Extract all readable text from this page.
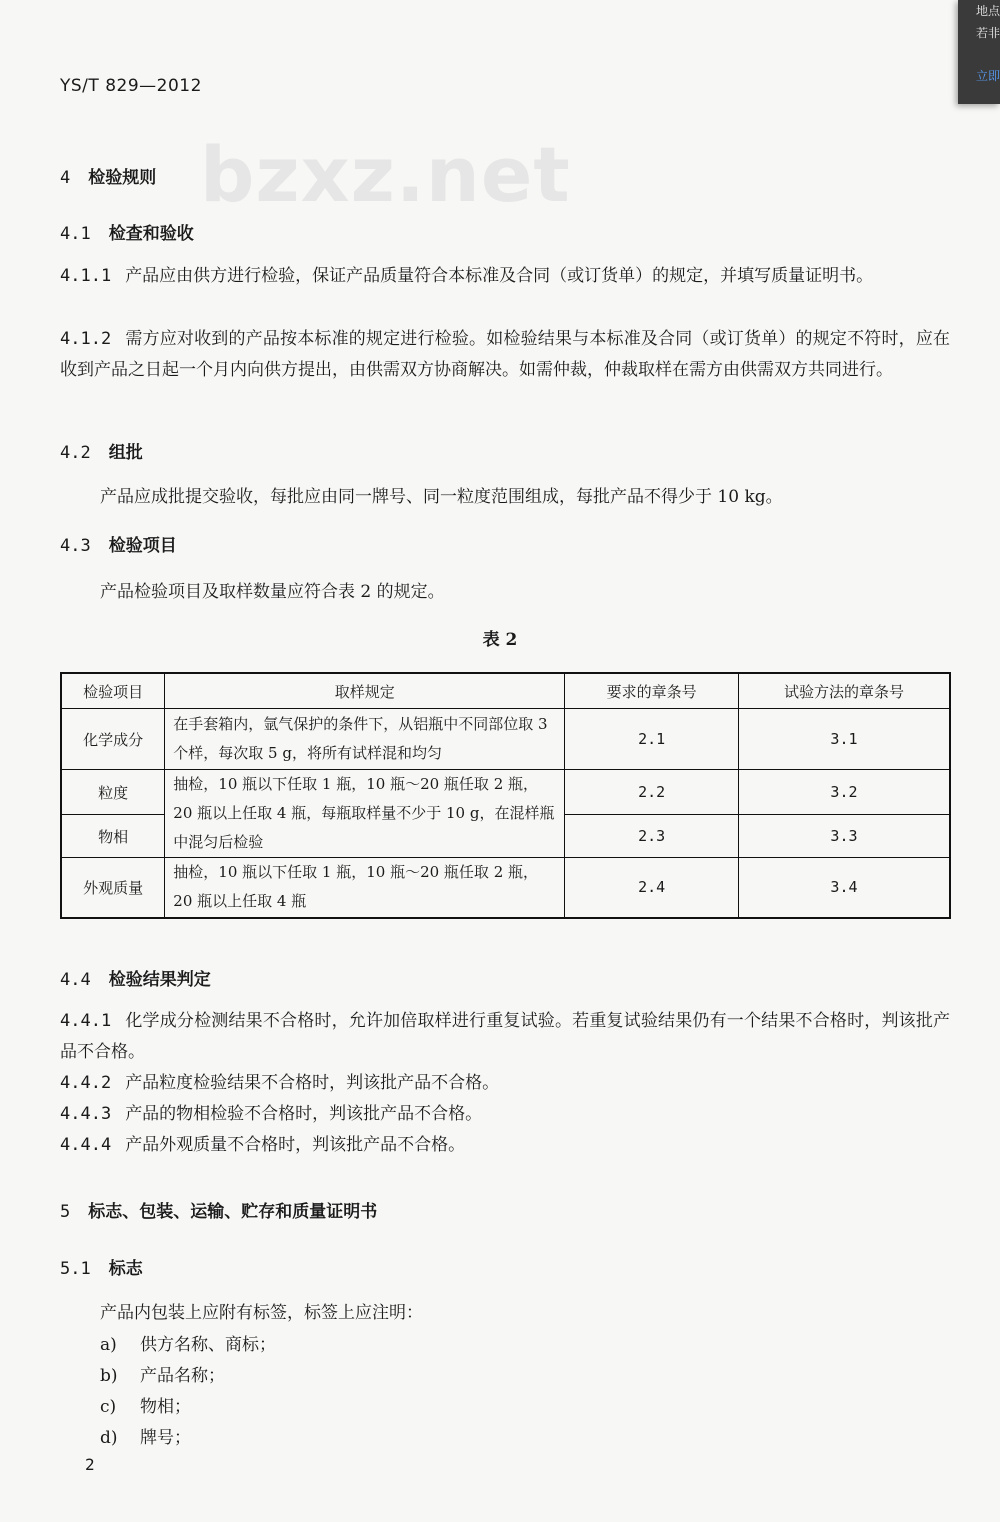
YS/T 829—2012
bzxz.net
4 检验规则
4.1 检查和验收
4.1.1 产品应由供方进行检验，保证产品质量符合本标准及合同（或订货单）的规定，并填写质量证明书。
4.1.2 需方应对收到的产品按本标准的规定进行检验。如检验结果与本标准及合同（或订货单）的规定不符时，应在收到产品之日起一个月内向供方提出，由供需双方协商解决。如需仲裁，仲裁取样在需方由供需双方共同进行。
4.2 组批
产品应成批提交验收，每批应由同一牌号、同一粒度范围组成，每批产品不得少于 10 kg。
4.3 检验项目
产品检验项目及取样数量应符合表 2 的规定。
表 2
检验项目	取样规定	要求的章条号	试验方法的章条号
化学成分	在手套箱内，氩气保护的条件下，从铝瓶中不同部位取 3 个样，每次取 5 g，将所有试样混和均匀	2.1	3.1
粒度	抽检，10 瓶以下任取 1 瓶，10 瓶～20 瓶任取 2 瓶，20 瓶以上任取 4 瓶，每瓶取样量不少于 10 g，在混样瓶中混匀后检验	2.2	3.2
物相		2.3	3.3
外观质量	抽检，10 瓶以下任取 1 瓶，10 瓶～20 瓶任取 2 瓶，20 瓶以上任取 4 瓶	2.4	3.4
4.4 检验结果判定
4.4.1 化学成分检测结果不合格时，允许加倍取样进行重复试验。若重复试验结果仍有一个结果不合格时，判该批产品不合格。
4.4.2 产品粒度检验结果不合格时，判该批产品不合格。
4.4.3 产品的物相检验不合格时，判该批产品不合格。
4.4.4 产品外观质量不合格时，判该批产品不合格。
5 标志、包装、运输、贮存和质量证明书
5.1 标志
产品内包装上应附有标签，标签上应注明：
a) 供方名称、商标；
b) 产品名称；
c) 物相；
d) 牌号；
2
地点
若非
立即
